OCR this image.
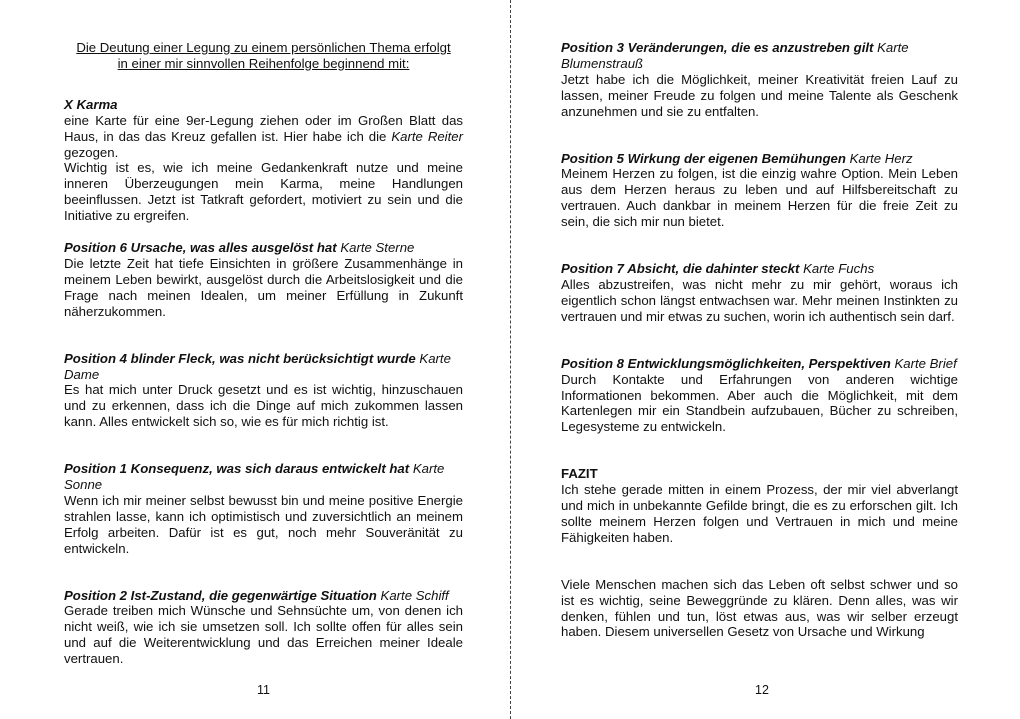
Die Deutung einer Legung zu einem persönlichen Thema erfolgt
in einer mir sinnvollen Reihenfolge beginnend mit:
X Karma

eine Karte für eine 9er-Legung ziehen oder im Großen Blatt das Haus, in das das Kreuz gefallen ist. Hier habe ich die Karte Reiter gezogen.
Wichtig ist es, wie ich meine Gedankenkraft nutze und meine inneren Überzeugungen mein Karma, meine Handlungen beeinflussen. Jetzt ist Tatkraft gefordert, motiviert zu sein und die Initiative zu ergreifen.

Position 6 Ursache, was alles ausgelöst hat Karte Sterne

Die letzte Zeit hat tiefe Einsichten in größere Zusammenhänge in meinem Leben bewirkt, ausgelöst durch die Arbeitslosigkeit und die Frage nach meinen Idealen, um meiner Erfüllung in Zukunft näherzukommen.

Position 4 blinder Fleck, was nicht berücksichtigt wurde Karte Dame

Es hat mich unter Druck gesetzt und es ist wichtig, hinzuschauen und zu erkennen, dass ich die Dinge auf mich zukommen lassen kann. Alles entwickelt sich so, wie es für mich richtig ist.

Position 1 Konsequenz, was sich daraus entwickelt hat Karte Sonne

Wenn ich mir meiner selbst bewusst bin und meine positive Energie strahlen lasse, kann ich optimistisch und zuversichtlich an meinem Erfolg arbeiten. Dafür ist es gut, noch mehr Souveränität zu entwickeln.

Position 2 Ist-Zustand, die gegenwärtige Situation Karte Schiff

Gerade treiben mich Wünsche und Sehnsüchte um, von denen ich nicht weiß, wie ich sie umsetzen soll. Ich sollte offen für alles sein und auf die Weiterentwicklung und das Erreichen meiner Ideale vertrauen.

11
Position 3 Veränderungen, die es anzustreben gilt Karte Blumenstrauß

Jetzt habe ich die Möglichkeit, meiner Kreativität freien Lauf zu lassen, meiner Freude zu folgen und meine Talente als Geschenk anzunehmen und sie zu entfalten.

Position 5 Wirkung der eigenen Bemühungen Karte Herz

Meinem Herzen zu folgen, ist die einzig wahre Option. Mein Leben aus dem Herzen heraus zu leben und auf Hilfsbereitschaft zu vertrauen. Auch dankbar in meinem Herzen für die freie Zeit zu sein, die sich mir nun bietet.

Position 7 Absicht, die dahinter steckt Karte Fuchs

Alles abzustreifen, was nicht mehr zu mir gehört, woraus ich eigentlich schon längst entwachsen war. Mehr meinen Instinkten zu vertrauen und mir etwas zu suchen, worin ich authentisch sein darf.

Position 8 Entwicklungsmöglichkeiten, Perspektiven Karte Brief

Durch Kontakte und Erfahrungen von anderen wichtige Informationen bekommen. Aber auch die Möglichkeit, mit dem Kartenlegen mir ein Standbein aufzubauen, Bücher zu schreiben, Legesysteme zu entwickeln.

FAZIT

Ich stehe gerade mitten in einem Prozess, der mir viel abverlangt und mich in unbekannte Gefilde bringt, die es zu erforschen gilt. Ich sollte meinem Herzen folgen und Vertrauen in mich und meine Fähigkeiten haben.

Viele Menschen machen sich das Leben oft selbst schwer und so ist es wichtig, seine Beweggründe zu klären. Denn alles, was wir denken, fühlen und tun, löst etwas aus, was wir selber erzeugt haben. Diesem universellen Gesetz von Ursache und Wirkung

12
